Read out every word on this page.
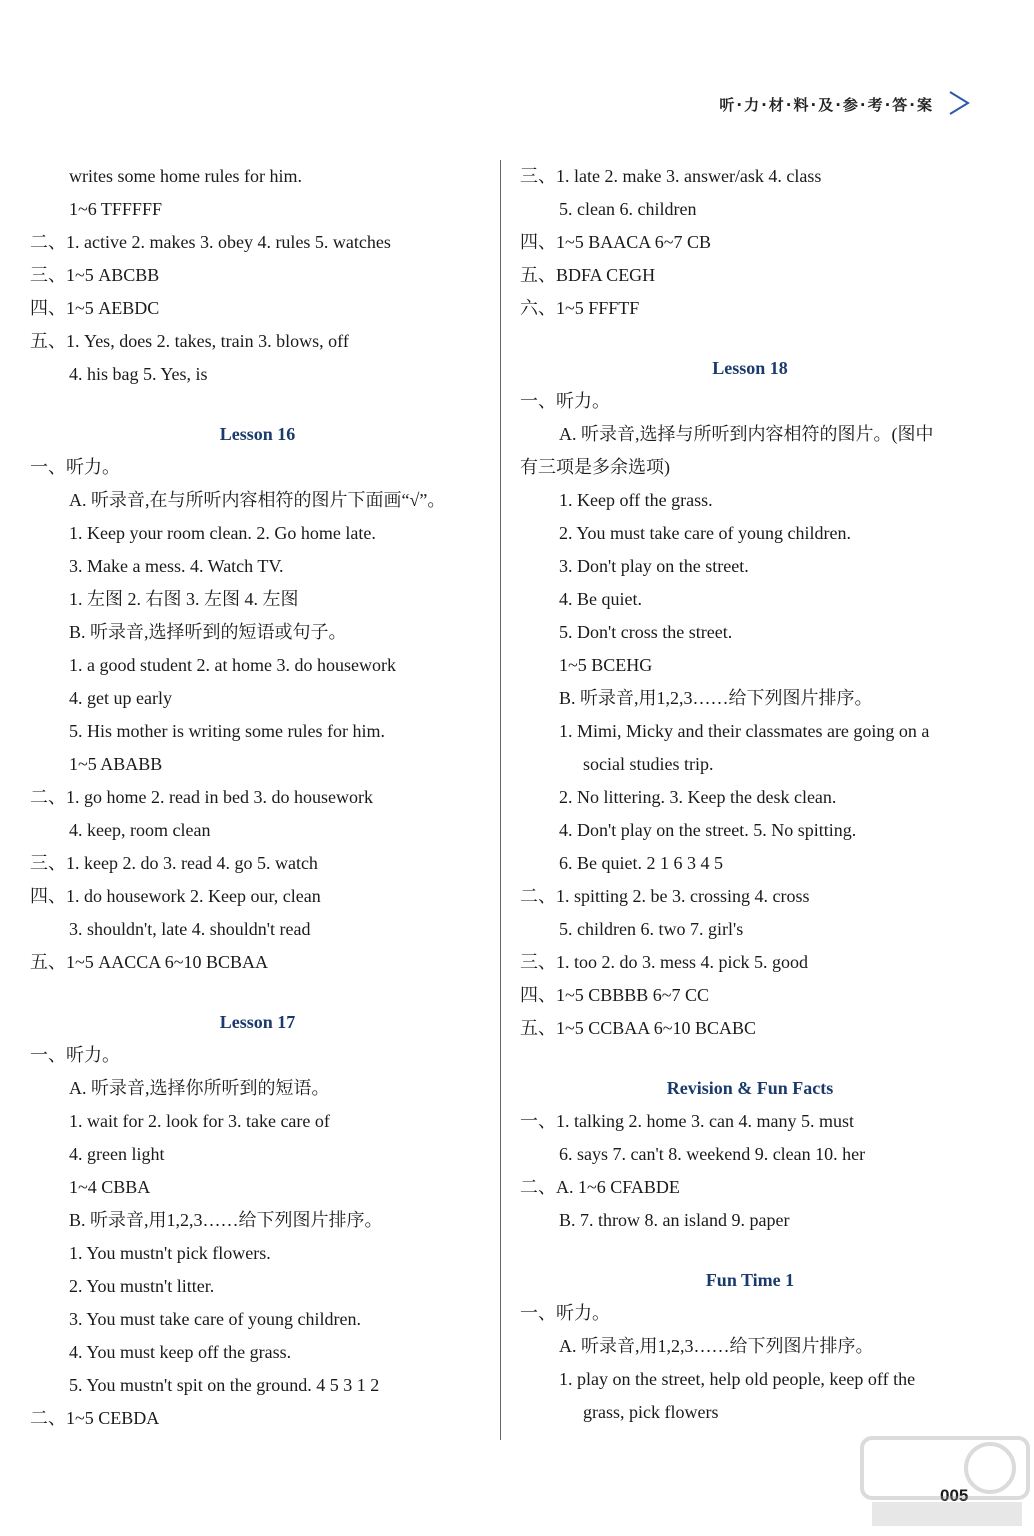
听·力·材·料·及·参·考·答·案
writes some home rules for him.
1~6 TFFFFF
二、1. active 2. makes 3. obey 4. rules 5. watches
三、1~5 ABCBB
四、1~5 AEBDC
五、1. Yes, does 2. takes, train 3. blows, off
4. his bag 5. Yes, is
Lesson 16
一、听力。
A. 听录音,在与所听内容相符的图片下面画“√”。
1. Keep your room clean. 2. Go home late.
3. Make a mess. 4. Watch TV.
1. 左图 2. 右图 3. 左图 4. 左图
B. 听录音,选择听到的短语或句子。
1. a good student 2. at home 3. do housework
4. get up early
5. His mother is writing some rules for him.
1~5 ABABB
二、1. go home 2. read in bed 3. do housework
4. keep, room clean
三、1. keep 2. do 3. read 4. go 5. watch
四、1. do housework 2. Keep our, clean
3. shouldn't, late 4. shouldn't read
五、1~5 AACCA 6~10 BCBAA
Lesson 17
一、听力。
A. 听录音,选择你所听到的短语。
1. wait for 2. look for 3. take care of
4. green light
1~4 CBBA
B. 听录音,用1,2,3……给下列图片排序。
1. You mustn't pick flowers.
2. You mustn't litter.
3. You must take care of young children.
4. You must keep off the grass.
5. You mustn't spit on the ground. 4 5 3 1 2
二、1~5 CEBDA
三、1. late 2. make 3. answer/ask 4. class
5. clean 6. children
四、1~5 BAACA 6~7 CB
五、BDFA CEGH
六、1~5 FFFTF
Lesson 18
一、听力。
A. 听录音,选择与所听到内容相符的图片。(图中
有三项是多余选项)
1. Keep off the grass.
2. You must take care of young children.
3. Don't play on the street.
4. Be quiet.
5. Don't cross the street.
1~5 BCEHG
B. 听录音,用1,2,3……给下列图片排序。
1. Mimi, Micky and their classmates are going on a
social studies trip.
2. No littering. 3. Keep the desk clean.
4. Don't play on the street. 5. No spitting.
6. Be quiet. 2 1 6 3 4 5
二、1. spitting 2. be 3. crossing 4. cross
5. children 6. two 7. girl's
三、1. too 2. do 3. mess 4. pick 5. good
四、1~5 CBBBB 6~7 CC
五、1~5 CCBAA 6~10 BCABC
Revision & Fun Facts
一、1. talking 2. home 3. can 4. many 5. must
6. says 7. can't 8. weekend 9. clean 10. her
二、A. 1~6 CFABDE
B. 7. throw 8. an island 9. paper
Fun Time 1
一、听力。
A. 听录音,用1,2,3……给下列图片排序。
1. play on the street, help old people, keep off the
grass, pick flowers
005
